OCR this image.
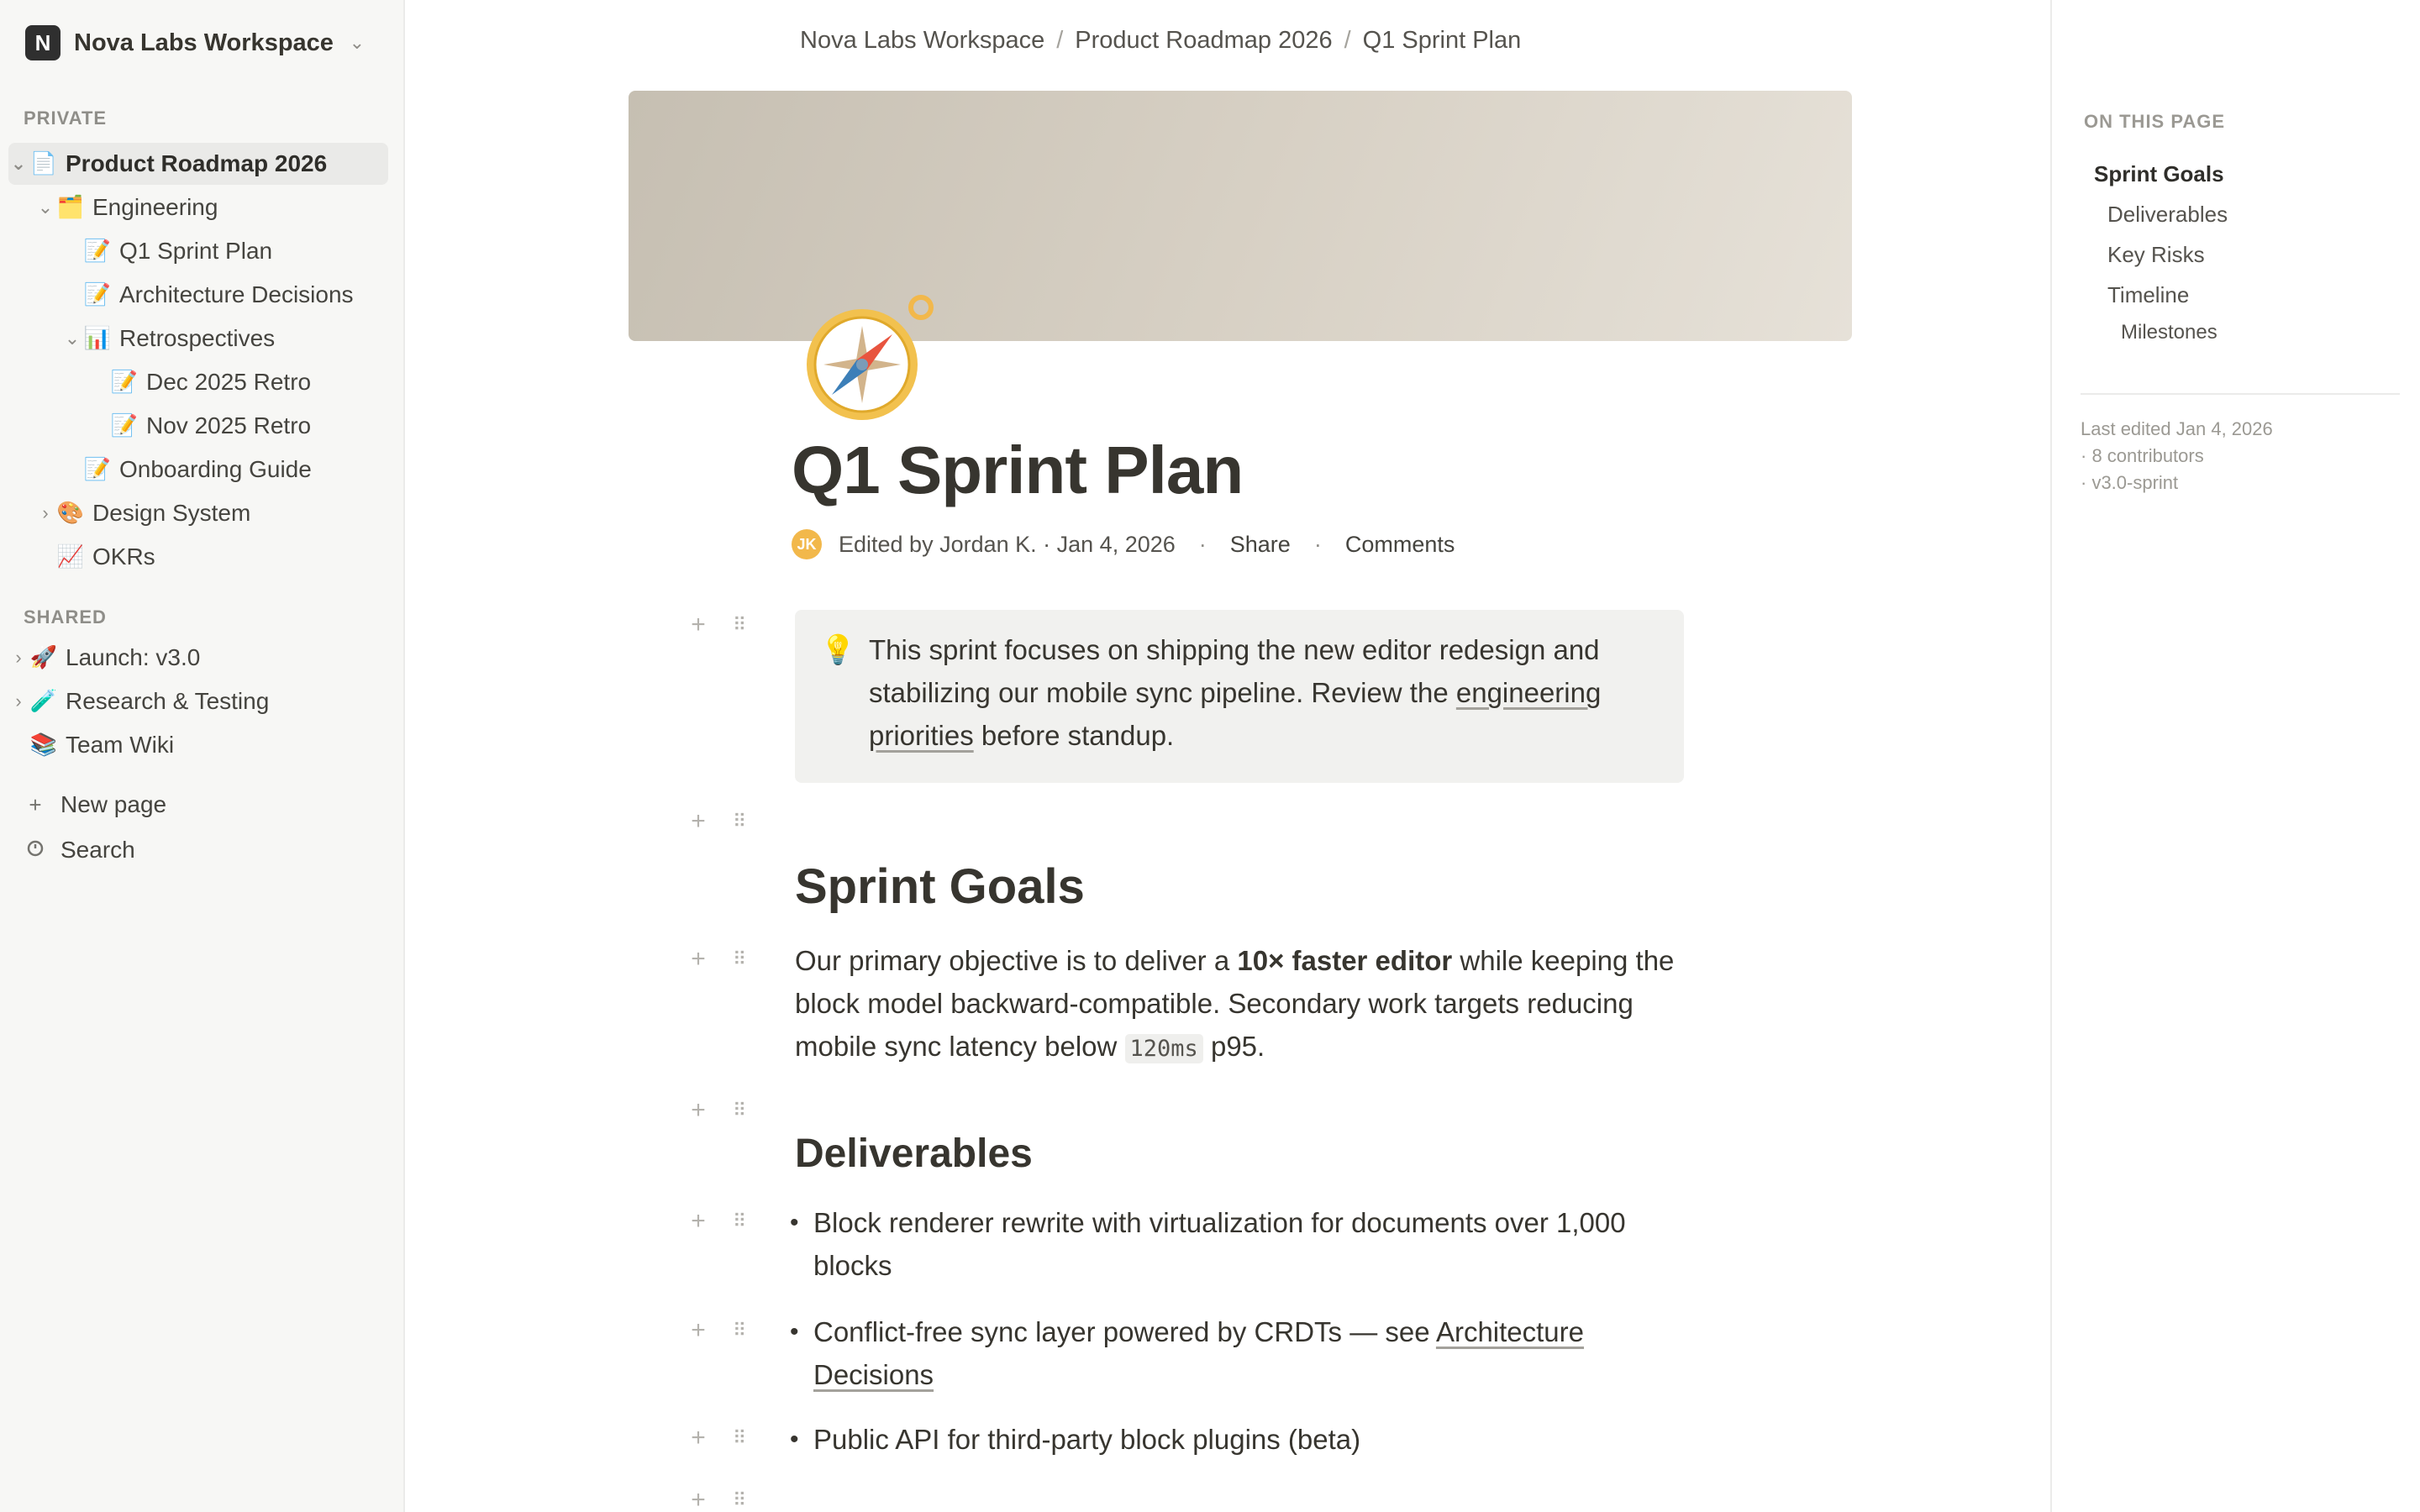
N Nova Labs Workspace ⌄
PRIVATE
⌄ 📄 Product Roadmap 2026
⌄ 🗂️ Engineering
📝 Q1 Sprint Plan
📝 Architecture Decisions
⌄ 📊 Retrospectives
📝 Dec 2025 Retro
📝 Nov 2025 Retro
📝 Onboarding Guide
› 🎨 Design System
📈 OKRs
SHARED
› 🚀 Launch: v3.0
› 🧪 Research & Testing
📚 Team Wiki
+ New page
Search
Nova Labs Workspace / Product Roadmap 2026 / Q1 Sprint Plan
Q1 Sprint Plan
JK Edited by Jordan K. · Jan 4, 2026 · Share · Comments
+	⠿
+	⠿
+	⠿
+	⠿
+	⠿
+	⠿
+	⠿
+	⠿
💡 This sprint focuses on shipping the new editor redesign and stabilizing our mobile sync pipeline. Review the engineering priorities before standup.
Sprint Goals

Our primary objective is to deliver a 10× faster editor while keeping the block model backward-compatible. Secondary work targets reducing mobile sync latency below 120ms p95.

Deliverables
• Block renderer rewrite with virtualization for documents over 1,000 blocks
• Conflict-free sync layer powered by CRDTs — see Architecture Decisions
• Public API for third-party block plugins (beta)
ON THIS PAGE
Sprint Goals
Deliverables
Key Risks
Timeline
Milestones
Last edited Jan 4, 2026
· 8 contributors
· v3.0-sprint
